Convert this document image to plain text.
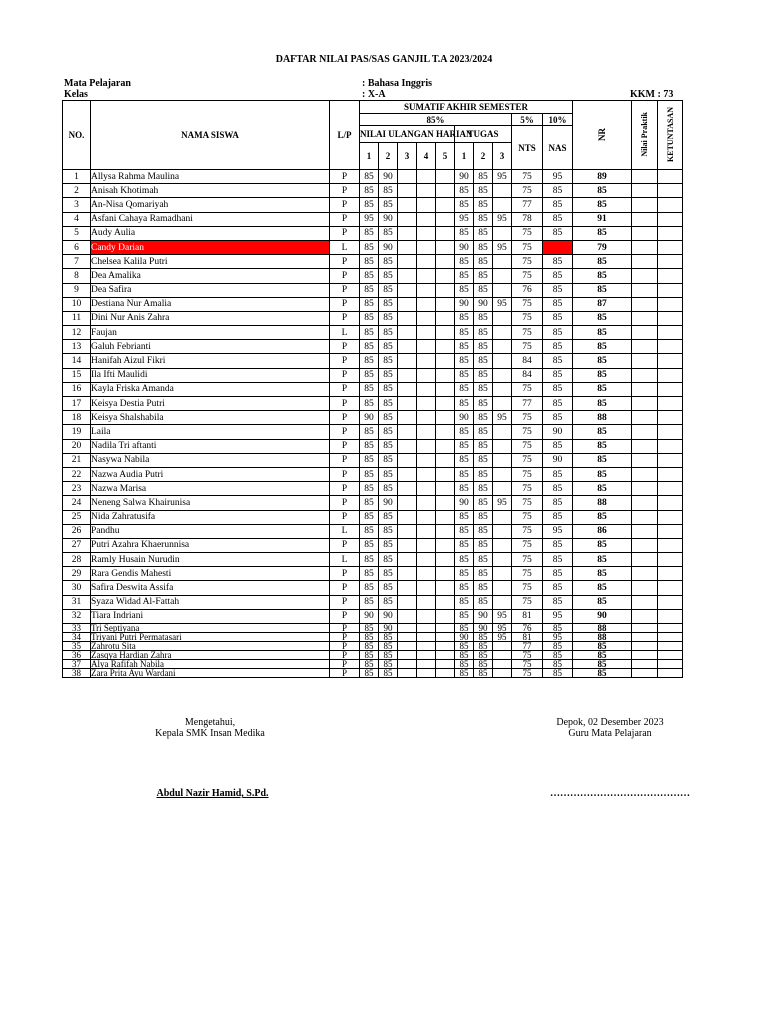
DAFTAR NILAI PAS/SAS GANJIL T.A 2023/2024
Mata Pelajaran	: Bahasa Inggris
Kelas	: X-A	KKM : 73
NO.	NAMA SISWA	L/P	SUMATIF AKHIR SEMESTER										NR	Nilai Praktik	KETUNTASAN
			85%								5%	10%			
			NILAI ULANGAN HARIAN					TUGAS			NTS	NAS			
			1	2	3	4	5	1	2	3					
1	Allysa Rahma Maulina	P	85	90				90	85	95	75	95	89		
2	Anisah Khotimah	P	85	85				85	85		75	85	85		
3	An-Nisa Qomariyah	P	85	85				85	85		77	85	85		
4	Asfani Cahaya Ramadhani	P	95	90				95	85	95	78	85	91		
5	Audy Aulia	P	85	85				85	85		75	85	85		
6	Candy Darian	L	85	90				90	85	95	75		79		
7	Chelsea Kalila Putri	P	85	85				85	85		75	85	85		
8	Dea Amalika	P	85	85				85	85		75	85	85		
9	Dea Safira	P	85	85				85	85		76	85	85		
10	Destiana Nur Amalia	P	85	85				90	90	95	75	85	87		
11	Dini Nur Anis Zahra	P	85	85				85	85		75	85	85		
12	Faujan	L	85	85				85	85		75	85	85		
13	Galuh Febrianti	P	85	85				85	85		75	85	85		
14	Hanifah Aizul Fikri	P	85	85				85	85		84	85	85		
15	Ila Ifti Maulidi	P	85	85				85	85		84	85	85		
16	Kayla Friska Amanda	P	85	85				85	85		75	85	85		
17	Keisya Destia Putri	P	85	85				85	85		77	85	85		
18	Keisya Shalshabila	P	90	85				90	85	95	75	85	88		
19	Laila	P	85	85				85	85		75	90	85		
20	Nadila Tri aftanti	P	85	85				85	85		75	85	85		
21	Nasywa Nabila	P	85	85				85	85		75	90	85		
22	Nazwa Audia Putri	P	85	85				85	85		75	85	85		
23	Nazwa Marisa	P	85	85				85	85		75	85	85		
24	Neneng Salwa Khairunisa	P	85	90				90	85	95	75	85	88		
25	Nida Zahratusifa	P	85	85				85	85		75	85	85		
26	Pandhu	L	85	85				85	85		75	95	86		
27	Putri Azahra Khaerunnisa	P	85	85				85	85		75	85	85		
28	Ramly Husain Nurudin	L	85	85				85	85		75	85	85		
29	Rara Gendis Mahesti	P	85	85				85	85		75	85	85		
30	Safira Deswita Assifa	P	85	85				85	85		75	85	85		
31	Syaza Widad Al-Fattah	P	85	85				85	85		75	85	85		
32	Tiara Indriani	P	90	90				85	90	95	81	95	90		
33	Tri Septiyana	P	85	90				85	90	95	76	85	88		
34	Triyani Putri Permatasari	P	85	85				90	85	95	81	95	88		
35	Zahrotu Sita	P	85	85				85	85		77	85	85		
36	Zasqya Hardian Zahra	P	85	85				85	85		75	85	85		
37	Alya Rafifah Nabila	P	85	85				85	85		75	85	85		
38	Zara Prita Ayu Wardani	P	85	85				85	85		75	85	85		
Mengetahui,
Kepala SMK Insan Medika
Depok, 02 Desember 2023
Guru Mata Pelajaran
Abdul Nazir Hamid, S.Pd.	……………………………………
